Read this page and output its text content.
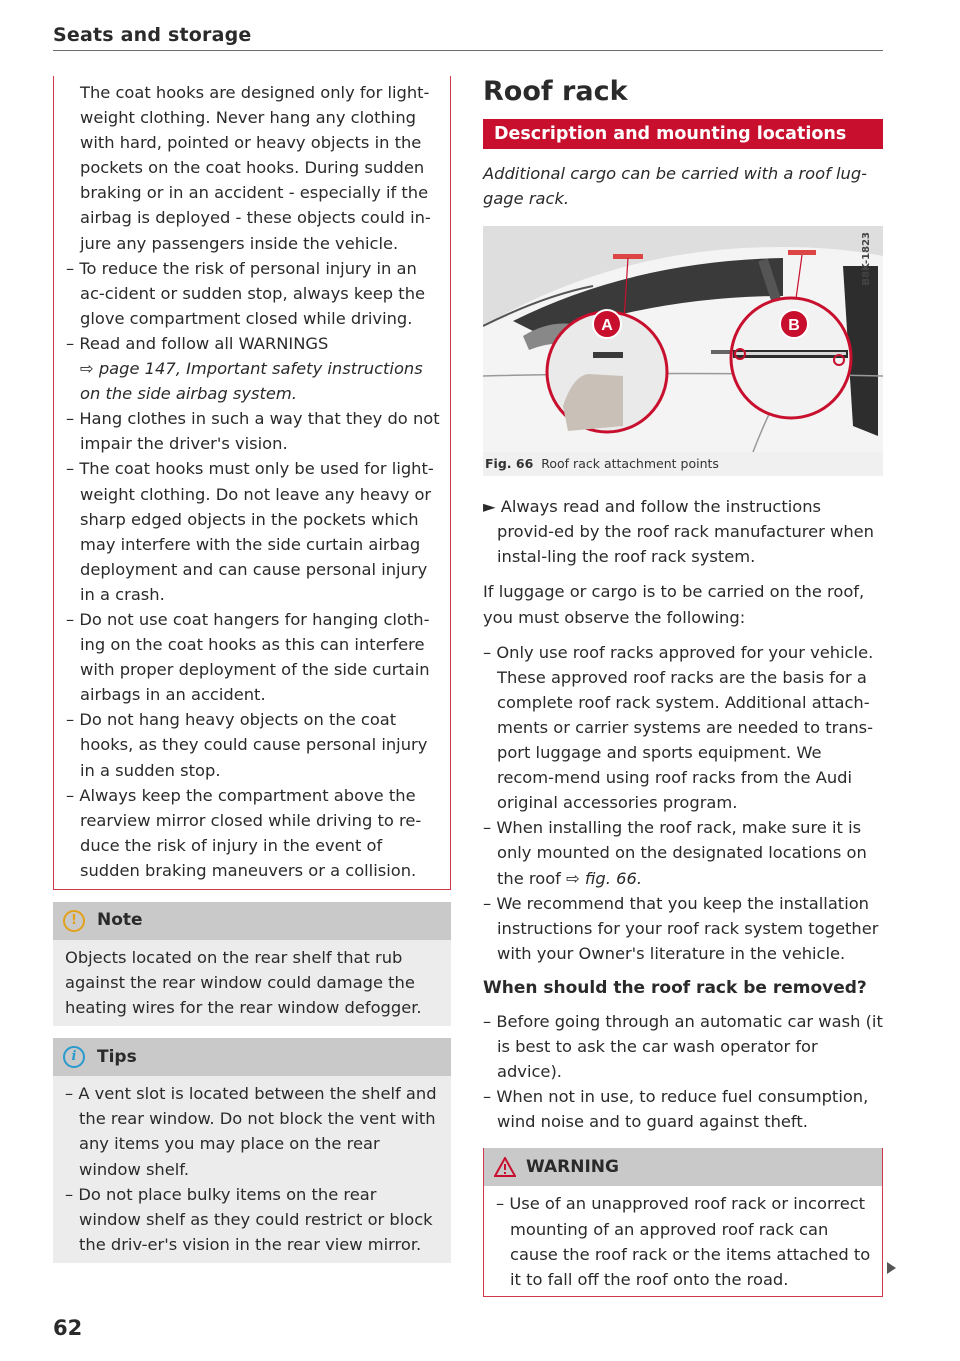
Seats and storage

The coat hooks are designed only for light-weight clothing. Never hang any clothing with hard, pointed or heavy objects in the pockets on the coat hooks. During sudden braking or in an accident - especially if the airbag is deployed - these objects could in-jure any passengers inside the vehicle.

– To reduce the risk of personal injury in an ac-cident or sudden stop, always keep the glove compartment closed while driving.

– Read and follow all WARNINGS
⇨ page 147, Important safety instructions on the side airbag system.

– Hang clothes in such a way that they do not impair the driver's vision.

– The coat hooks must only be used for light-weight clothing. Do not leave any heavy or sharp edged objects in the pockets which may interfere with the side curtain airbag deployment and can cause personal injury in a crash.

– Do not use coat hangers for hanging cloth-ing on the coat hooks as this can interfere with proper deployment of the side curtain airbags in an accident.

– Do not hang heavy objects on the coat hooks, as they could cause personal injury in a sudden stop.

– Always keep the compartment above the rearview mirror closed while driving to re-duce the risk of injury in the event of sudden braking maneuvers or a collision.

!	Note
Objects located on the rear shelf that rub against the rear window could damage the heating wires for the rear window defogger.
i	Tips

– A vent slot is located between the shelf and the rear window. Do not block the vent with any items you may place on the rear window shelf.

– Do not place bulky items on the rear window shelf as they could restrict or block the driv-er's vision in the rear view mirror.

62
Roof rack
Description and mounting locations

Additional cargo can be carried with a roof lug-gage rack.

A	B
B8K-1823
Fig. 66 Roof rack attachment points

► Always read and follow the instructions provid-ed by the roof rack manufacturer when instal-ling the roof rack system.

If luggage or cargo is to be carried on the roof, you must observe the following:

– Only use roof racks approved for your vehicle. These approved roof racks are the basis for a complete roof rack system. Additional attach-ments or carrier systems are needed to trans-port luggage and sports equipment. We recom-mend using roof racks from the Audi original accessories program.

– When installing the roof rack, make sure it is only mounted on the designated locations on the roof ⇨ fig. 66.

– We recommend that you keep the installation instructions for your roof rack system together with your Owner's literature in the vehicle.

When should the roof rack be removed?

– Before going through an automatic car wash (it is best to ask the car wash operator for advice).

– When not in use, to reduce fuel consumption, wind noise and to guard against theft.

WARNING

– Use of an unapproved roof rack or incorrect mounting of an approved roof rack can cause the roof rack or the items attached to it to fall off the roof onto the road.
